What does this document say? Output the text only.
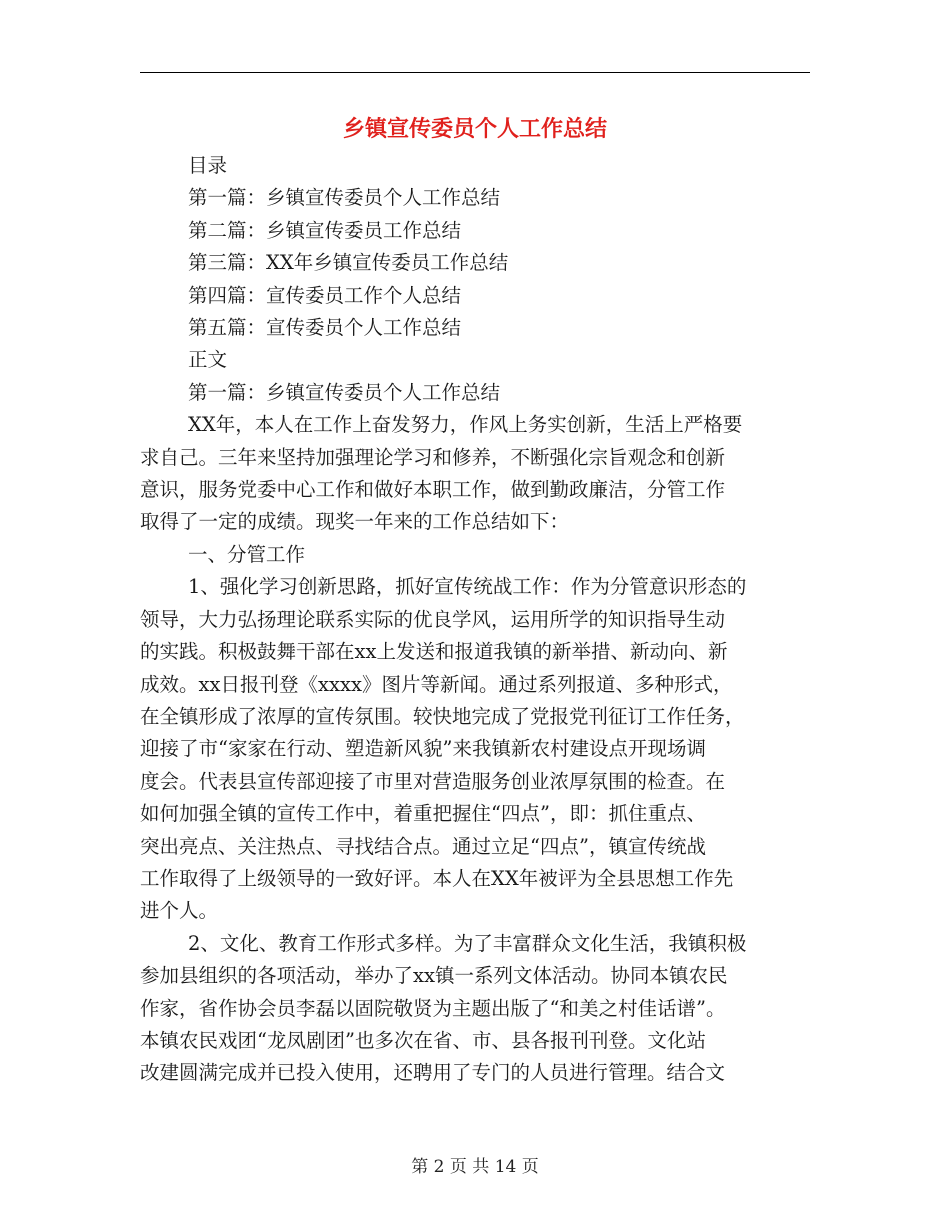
乡镇宣传委员个人工作总结
目录
第一篇：乡镇宣传委员个人工作总结
第二篇：乡镇宣传委员工作总结
第三篇：XX年乡镇宣传委员工作总结
第四篇：宣传委员工作个人总结
第五篇：宣传委员个人工作总结
正文
第一篇：乡镇宣传委员个人工作总结
XX年，本人在工作上奋发努力，作风上务实创新，生活上严格要
求自己。三年来坚持加强理论学习和修养，不断强化宗旨观念和创新
意识，服务党委中心工作和做好本职工作，做到勤政廉洁，分管工作
取得了一定的成绩。现奖一年来的工作总结如下：
一、分管工作
1、强化学习创新思路，抓好宣传统战工作：作为分管意识形态的
领导，大力弘扬理论联系实际的优良学风，运用所学的知识指导生动
的实践。积极鼓舞干部在xx上发送和报道我镇的新举措、新动向、新
成效。xx日报刊登《xxxx》图片等新闻。通过系列报道、多种形式，
在全镇形成了浓厚的宣传氛围。较快地完成了党报党刊征订工作任务，
迎接了市“家家在行动、塑造新风貌”来我镇新农村建设点开现场调
度会。代表县宣传部迎接了市里对营造服务创业浓厚氛围的检查。在
如何加强全镇的宣传工作中，着重把握住“四点”，即：抓住重点、
突出亮点、关注热点、寻找结合点。通过立足“四点”，镇宣传统战
工作取得了上级领导的一致好评。本人在XX年被评为全县思想工作先
进个人。
2、文化、教育工作形式多样。为了丰富群众文化生活，我镇积极
参加县组织的各项活动，举办了xx镇一系列文体活动。协同本镇农民
作家，省作协会员李磊以固院敬贤为主题出版了“和美之村佳话谱”。
本镇农民戏团“龙凤剧团”也多次在省、市、县各报刊刊登。文化站
改建圆满完成并已投入使用，还聘用了专门的人员进行管理。结合文
第 2 页 共 14 页
